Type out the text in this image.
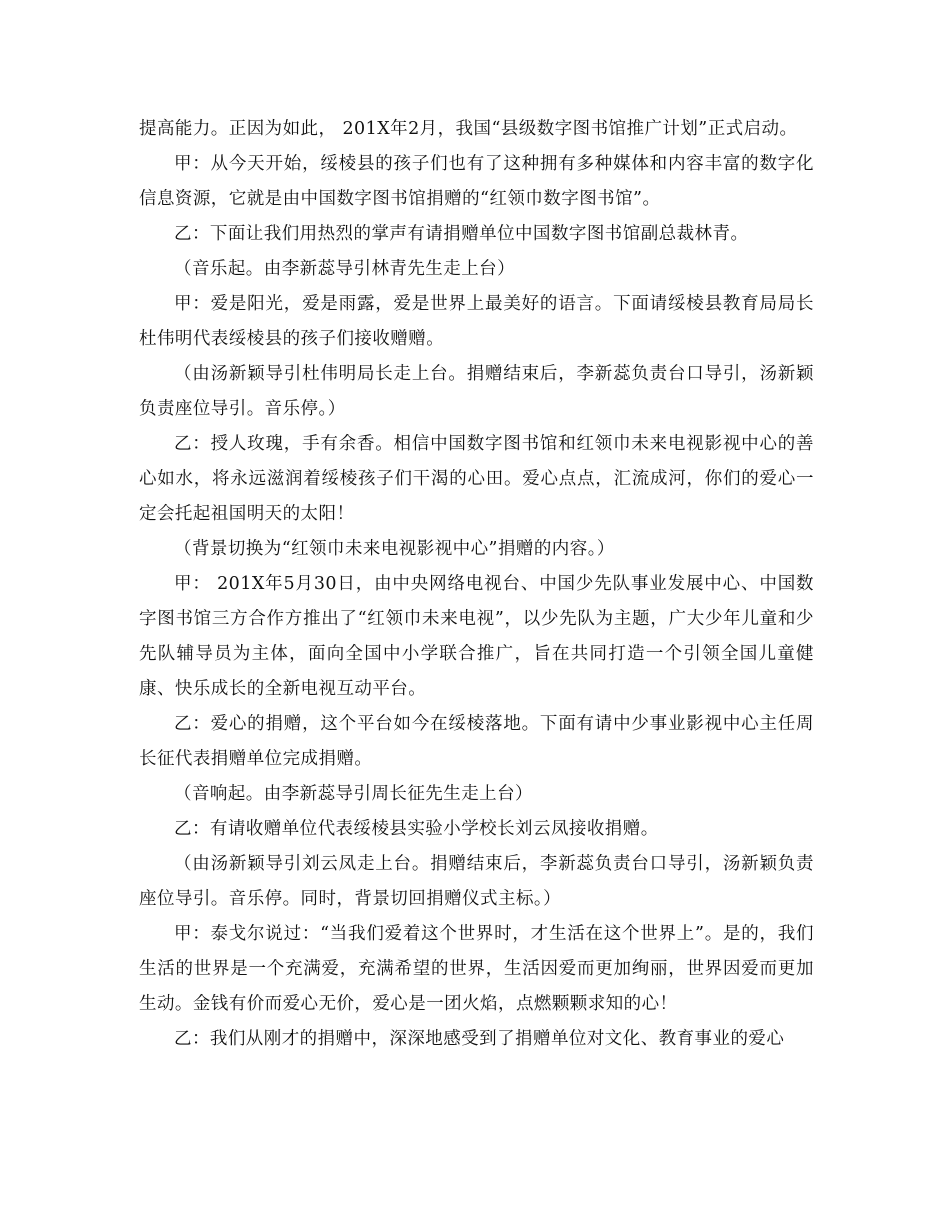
提高能力。正因为如此， 201X年2月，我国“县级数字图书馆推广计划”正式启动。

甲：从今天开始，绥棱县的孩子们也有了这种拥有多种媒体和内容丰富的数字化信息资源，它就是由中国数字图书馆捐赠的“红领巾数字图书馆”。

乙：下面让我们用热烈的掌声有请捐赠单位中国数字图书馆副总裁林青。

（音乐起。由李新蕊导引林青先生走上台）

甲：爱是阳光，爱是雨露，爱是世界上最美好的语言。下面请绥棱县教育局局长杜伟明代表绥棱县的孩子们接收赠赠。

（由汤新颖导引杜伟明局长走上台。捐赠结束后，李新蕊负责台口导引，汤新颖负责座位导引。音乐停。）

乙：授人玫瑰，手有余香。相信中国数字图书馆和红领巾未来电视影视中心的善心如水，将永远滋润着绥棱孩子们干渴的心田。爱心点点，汇流成河，你们的爱心一定会托起祖国明天的太阳！

（背景切换为“红领巾未来电视影视中心”捐赠的内容。）

甲： 201X年5月30日，由中央网络电视台、中国少先队事业发展中心、中国数字图书馆三方合作方推出了“红领巾未来电视”，以少先队为主题，广大少年儿童和少先队辅导员为主体，面向全国中小学联合推广，旨在共同打造一个引领全国儿童健康、快乐成长的全新电视互动平台。

乙：爱心的捐赠，这个平台如今在绥棱落地。下面有请中少事业影视中心主任周长征代表捐赠单位完成捐赠。

（音响起。由李新蕊导引周长征先生走上台）

乙：有请收赠单位代表绥棱县实验小学校长刘云凤接收捐赠。

（由汤新颖导引刘云凤走上台。捐赠结束后，李新蕊负责台口导引，汤新颖负责座位导引。音乐停。同时，背景切回捐赠仪式主标。）

甲：泰戈尔说过：“当我们爱着这个世界时，才生活在这个世界上”。是的，我们生活的世界是一个充满爱，充满希望的世界，生活因爱而更加绚丽，世界因爱而更加生动。金钱有价而爱心无价，爱心是一团火焰，点燃颗颗求知的心！

乙：我们从刚才的捐赠中，深深地感受到了捐赠单位对文化、教育事业的爱心
